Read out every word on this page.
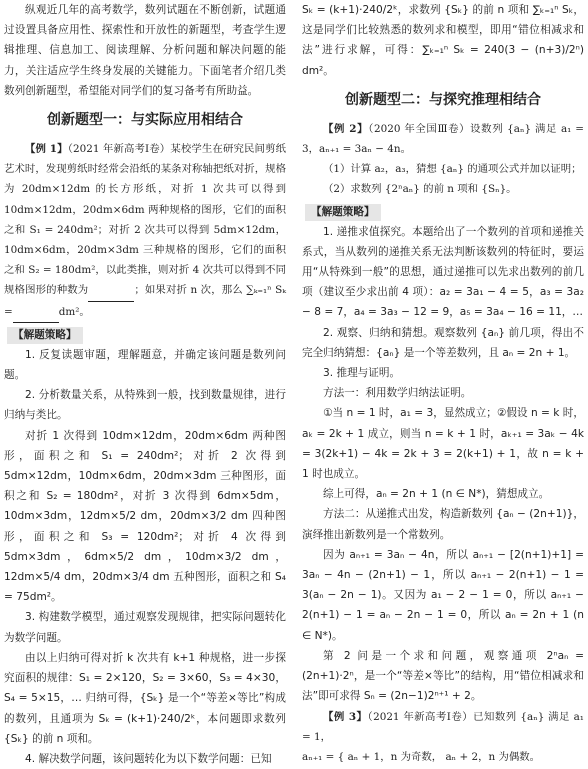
纵观近几年的高考数学，数列试题在不断创新，试题通过设置具备应用性、探索性和开放性的新题型，考查学生逻辑推理、信息加工、阅读理解、分析问题和解决问题的能力，关注适应学生终身发展的关键能力。下面笔者介绍几类数列创新题型，希望能对同学们的复习备考有所助益。

创新题型一：与实际应用相结合

【例 1】（2021 年新高考Ⅰ卷）某校学生在研究民间剪纸艺术时，发现剪纸时经常会沿纸的某条对称轴把纸对折，规格为 20dm×12dm 的长方形纸，对折 1 次共可以得到 10dm×12dm，20dm×6dm 两种规格的图形，它们的面积之和 S₁ = 240dm²；对折 2 次共可以得到 5dm×12dm，10dm×6dm，20dm×3dm 三种规格的图形，它们的面积之和 S₂ = 180dm²，以此类推，则对折 4 次共可以得到不同规格图形的种数为	；如果对折 n 次，那么 ∑ₖ₌₁ⁿ Sₖ =	dm²。

【解题策略】

1. 反复读题审题，理解题意，并确定该问题是数列问题。

2. 分析数量关系，从特殊到一般，找到数量规律，进行归纳与类比。

对折 1 次得到 10dm×12dm，20dm×6dm 两种图形，面积之和 S₁ = 240dm²；对折 2 次得到 5dm×12dm，10dm×6dm，20dm×3dm 三种图形，面积之和 S₂ = 180dm²，对折 3 次得到 6dm×5dm，10dm×3dm，12dm×5/2 dm，20dm×3/2 dm 四种图形，面积之和 S₃ = 120dm²；对折 4 次得到 5dm×3dm，6dm×5/2 dm，10dm×3/2 dm，12dm×5/4 dm，20dm×3/4 dm 五种图形，面积之和 S₄ = 75dm²。

3. 构建数学模型，通过观察发现规律，把实际问题转化为数学问题。

由以上归纳可得对折 k 次共有 k+1 种规格，进一步探究面积的规律：S₁ = 2×120，S₂ = 3×60，S₃ = 4×30，S₄ = 5×15，… 归纳可得，{Sₖ} 是一个“等差×等比”构成的数列，且通项为 Sₖ = (k+1)·240/2ᵏ，本问题即求数列 {Sₖ} 的前 n 项和。

4. 解决数学问题，该问题转化为以下数学问题：已知

Sₖ = (k+1)·240/2ᵏ，求数列 {Sₖ} 的前 n 项和 ∑ₖ₌₁ⁿ Sₖ，这是同学们比较熟悉的数列求和模型，即用“错位相减求和法”进行求解，可得：∑ₖ₌₁ⁿ Sₖ = 240(3 − (n+3)/2ⁿ) dm²。

创新题型二：与探究推理相结合

【例 2】（2020 年全国Ⅲ卷）设数列 {aₙ} 满足 a₁ = 3，aₙ₊₁ = 3aₙ − 4n。

（1）计算 a₂，a₃，猜想 {aₙ} 的通项公式并加以证明；

（2）求数列 {2ⁿaₙ} 的前 n 项和 {Sₙ}。

【解题策略】

1. 递推求值探究。本题给出了一个数列的首项和递推关系式，当从数列的递推关系无法判断该数列的特征时，要运用“从特殊到一般”的思想，通过递推可以先求出数列的前几项（建议至少求出前 4 项）：a₂ = 3a₁ − 4 = 5，a₃ = 3a₂ − 8 = 7，a₄ = 3a₃ − 12 = 9，a₅ = 3a₄ − 16 = 11，…

2. 观察、归纳和猜想。观察数列 {aₙ} 前几项，得出不完全归纳猜想：{aₙ} 是一个等差数列，且 aₙ = 2n + 1。

3. 推理与证明。

方法一：利用数学归纳法证明。

①当 n = 1 时，a₁ = 3，显然成立；②假设 n = k 时，aₖ = 2k + 1 成立，则当 n = k + 1 时，aₖ₊₁ = 3aₖ − 4k = 3(2k+1) − 4k = 2k + 3 = 2(k+1) + 1，故 n = k + 1 时也成立。

综上可得，aₙ = 2n + 1 (n ∈ N*)，猜想成立。

方法二：从递推式出发，构造新数列 {aₙ − (2n+1)}，演绎推出新数列是一个常数列。

因为 aₙ₊₁ = 3aₙ − 4n，所以 aₙ₊₁ − [2(n+1)+1] = 3aₙ − 4n − (2n+1) − 1，所以 aₙ₊₁ − 2(n+1) − 1 = 3(aₙ − 2n − 1)。又因为 a₁ − 2 − 1 = 0，所以 aₙ₊₁ − 2(n+1) − 1 = aₙ − 2n − 1 = 0，所以 aₙ = 2n + 1 (n ∈ N*)。

第 2 问是一个求和问题，观察通项 2ⁿaₙ = (2n+1)·2ⁿ，是一个“等差×等比”的结构，用“错位相减求和法”即可求得 Sₙ = (2n−1)2ⁿ⁺¹ + 2。

【例 3】（2021 年新高考Ⅰ卷）已知数列 {aₙ} 满足 a₁ = 1，

aₙ₊₁ = { aₙ + 1，n 为奇数， aₙ + 2，n 为偶数。
